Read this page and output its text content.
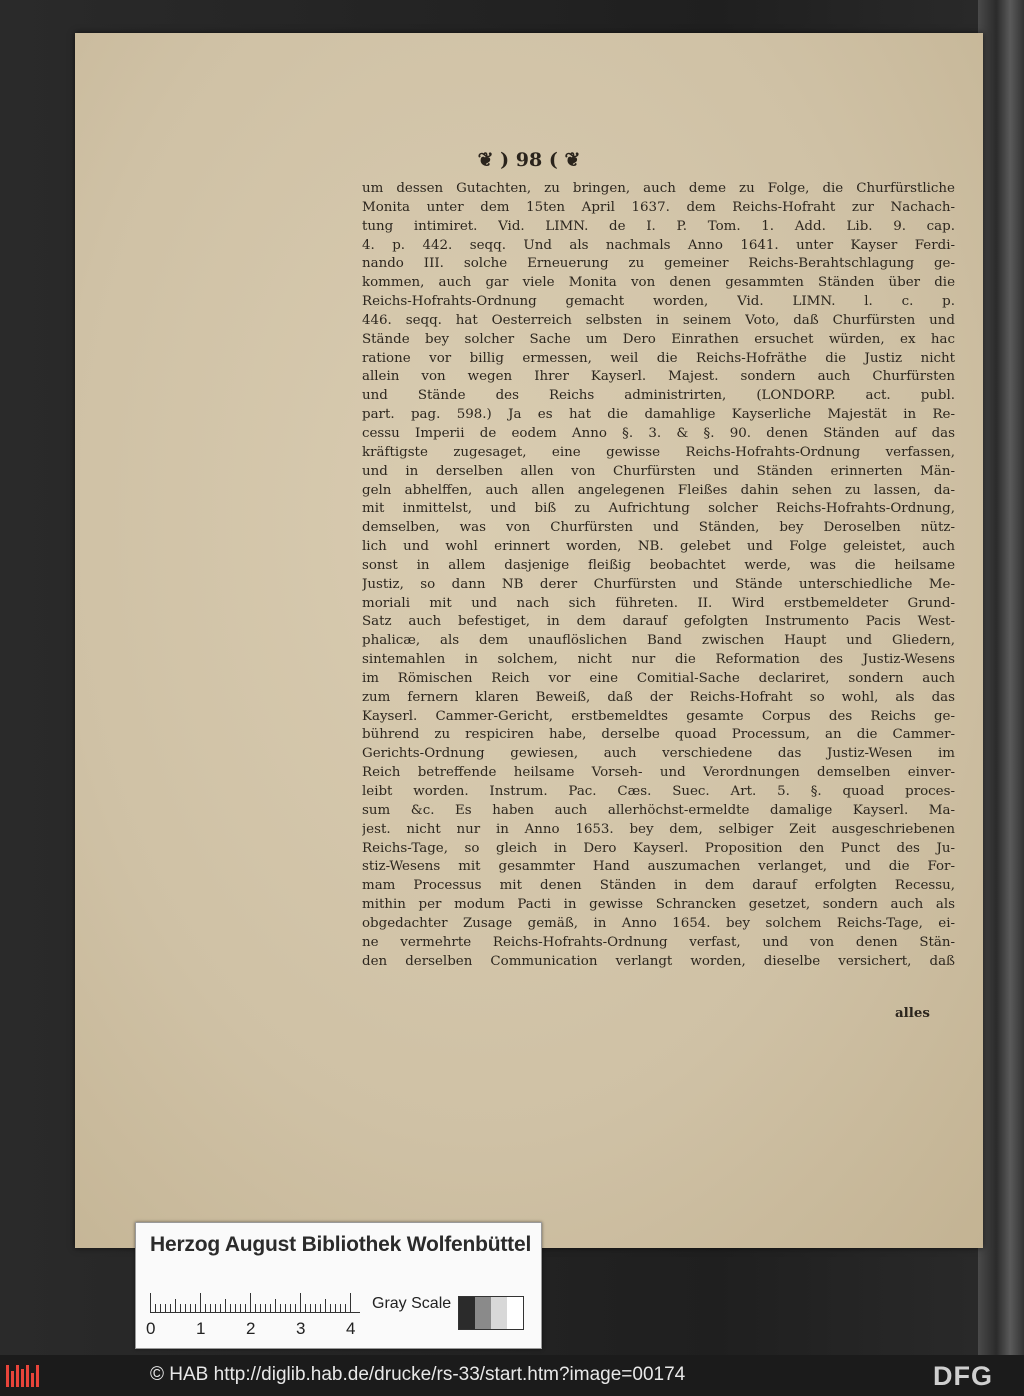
❦ ) 98 ( ❦
um dessen Gutachten, zu bringen, auch deme zu Folge, die Churfürstliche
Monita unter dem 15ten April 1637. dem Reichs-Hofraht zur Nachach-
tung intimiret. Vid. LIMN. de I. P. Tom. 1. Add. Lib. 9. cap.
4. p. 442. seqq. Und als nachmals Anno 1641. unter Kayser Ferdi-
nando III. solche Erneuerung zu gemeiner Reichs-Berahtschlagung ge-
kommen, auch gar viele Monita von denen gesammten Ständen über die
Reichs-Hofrahts-Ordnung gemacht worden, Vid. LIMN. l. c. p.
446. seqq. hat Oesterreich selbsten in seinem Voto, daß Churfürsten und
Stände bey solcher Sache um Dero Einrathen ersuchet würden, ex hac
ratione vor billig ermessen, weil die Reichs-Hofräthe die Justiz nicht
allein von wegen Ihrer Kayserl. Majest. sondern auch Churfürsten
und Stände des Reichs administrirten, (LONDORP. act. publ.
part. pag. 598.) Ja es hat die damahlige Kayserliche Majestät in Re-
cessu Imperii de eodem Anno §. 3. & §. 90. denen Ständen auf das
kräftigste zugesaget, eine gewisse Reichs-Hofrahts-Ordnung verfassen,
und in derselben allen von Churfürsten und Ständen erinnerten Män-
geln abhelffen, auch allen angelegenen Fleißes dahin sehen zu lassen, da-
mit inmittelst, und biß zu Aufrichtung solcher Reichs-Hofrahts-Ordnung,
demselben, was von Churfürsten und Ständen, bey Deroselben nütz-
lich und wohl erinnert worden, NB. gelebet und Folge geleistet, auch
sonst in allem dasjenige fleißig beobachtet werde, was die heilsame
Justiz, so dann NB derer Churfürsten und Stände unterschiedliche Me-
moriali mit und nach sich führeten. II. Wird erstbemeldeter Grund-
Satz auch befestiget, in dem darauf gefolgten Instrumento Pacis West-
phalicæ, als dem unauflöslichen Band zwischen Haupt und Gliedern,
sintemahlen in solchem, nicht nur die Reformation des Justiz-Wesens
im Römischen Reich vor eine Comitial-Sache declariret, sondern auch
zum fernern klaren Beweiß, daß der Reichs-Hofraht so wohl, als das
Kayserl. Cammer-Gericht, erstbemeldtes gesamte Corpus des Reichs ge-
bührend zu respiciren habe, derselbe quoad Processum, an die Cammer-
Gerichts-Ordnung gewiesen, auch verschiedene das Justiz-Wesen im
Reich betreffende heilsame Vorseh- und Verordnungen demselben einver-
leibt worden. Instrum. Pac. Cæs. Suec. Art. 5. §. quoad proces-
sum &c. Es haben auch allerhöchst-ermeldte damalige Kayserl. Ma-
jest. nicht nur in Anno 1653. bey dem, selbiger Zeit ausgeschriebenen
Reichs-Tage, so gleich in Dero Kayserl. Proposition den Punct des Ju-
stiz-Wesens mit gesammter Hand auszumachen verlanget, und die For-
mam Processus mit denen Ständen in dem darauf erfolgten Recessu,
mithin per modum Pacti in gewisse Schrancken gesetzet, sondern auch als
obgedachter Zusage gemäß, in Anno 1654. bey solchem Reichs-Tage, ei-
ne vermehrte Reichs-Hofrahts-Ordnung verfast, und von denen Stän-
den derselben Communication verlangt worden, dieselbe versichert, daß
alles
Herzog August Bibliothek Wolfenbüttel
Gray Scale
0 1 2 3 4
© HAB http://diglib.hab.de/drucke/rs-33/start.htm?image=00174	DFG
